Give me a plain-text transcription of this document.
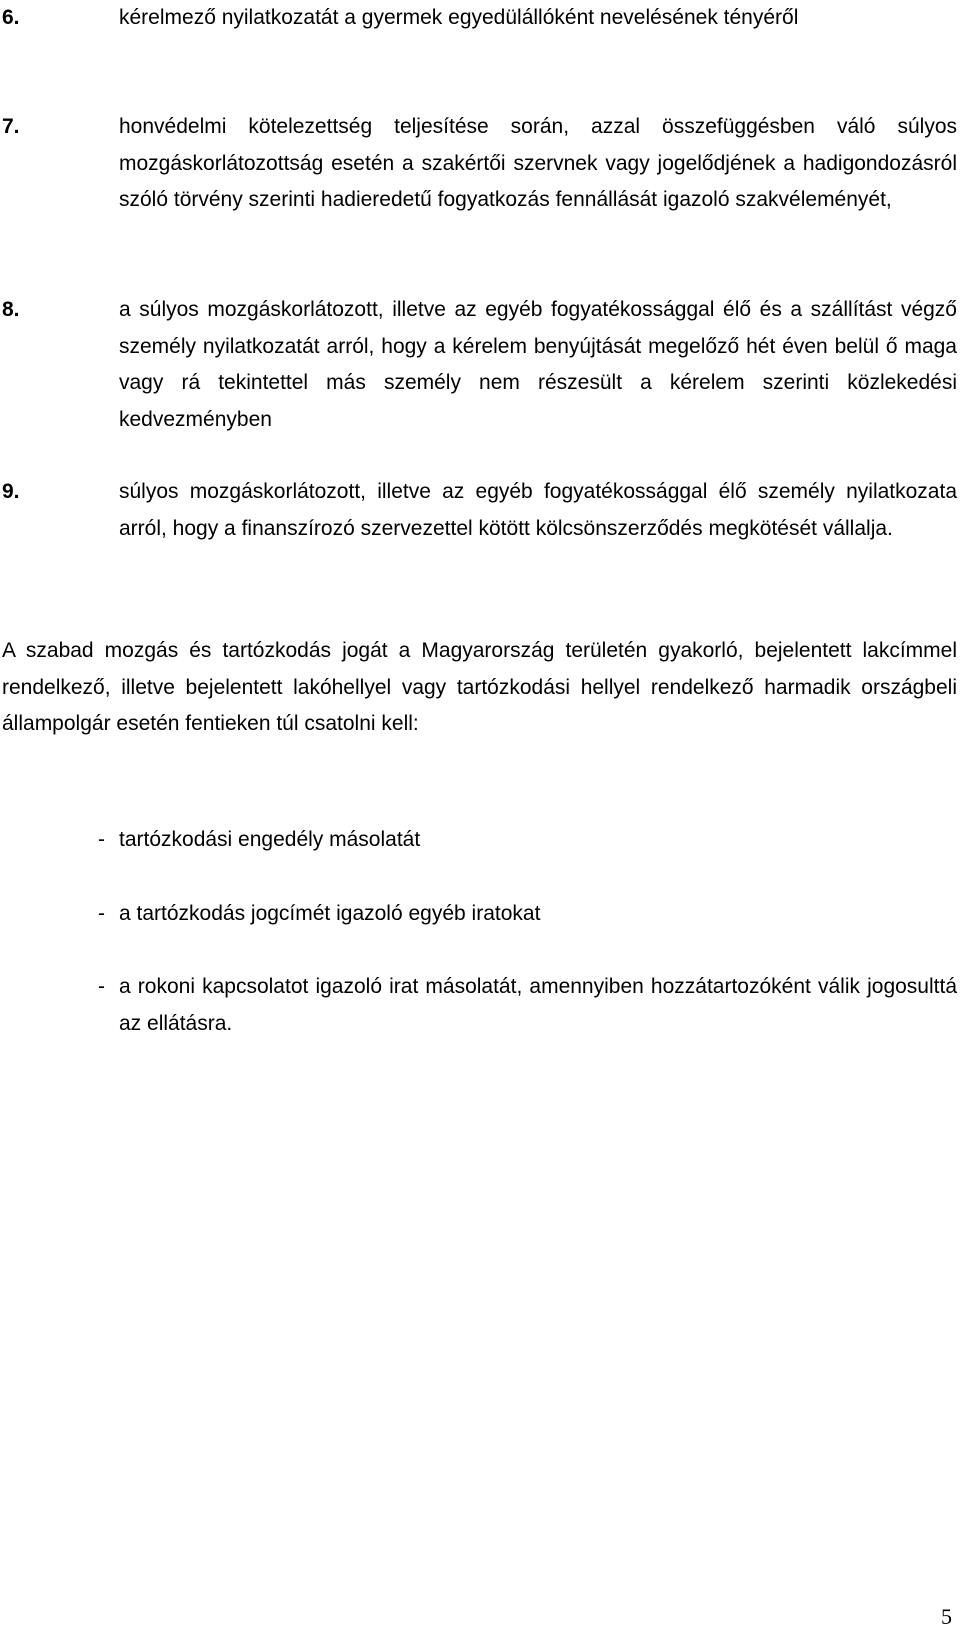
6.	kérelmező nyilatkozatát a gyermek egyedülállóként nevelésének tényéről
7.	honvédelmi kötelezettség teljesítése során, azzal összefüggésben váló súlyos mozgáskorlátozottság esetén a szakértői szervnek vagy jogelődjének a hadigondozásról szóló törvény szerinti hadieredetű fogyatkozás fennállását igazoló szakvéleményét,
8.	a súlyos mozgáskorlátozott, illetve az egyéb fogyatékossággal élő és a szállítást végző személy nyilatkozatát arról, hogy a kérelem benyújtását megelőző hét éven belül ő maga vagy rá tekintettel más személy nem részesült a kérelem szerinti közlekedési kedvezményben
9.	súlyos mozgáskorlátozott, illetve az egyéb fogyatékossággal élő személy nyilatkozata arról, hogy a finanszírozó szervezettel kötött kölcsönszerződés megkötését vállalja.
A szabad mozgás és tartózkodás jogát a Magyarország területén gyakorló, bejelentett lakcímmel rendelkező, illetve bejelentett lakóhellyel vagy tartózkodási hellyel rendelkező harmadik országbeli állampolgár esetén fentieken túl csatolni kell:
- tartózkodási engedély másolatát
- a tartózkodás jogcímét igazoló egyéb iratokat
- a rokoni kapcsolatot igazoló irat másolatát, amennyiben hozzátartozóként válik jogosulttá az ellátásra.
5
